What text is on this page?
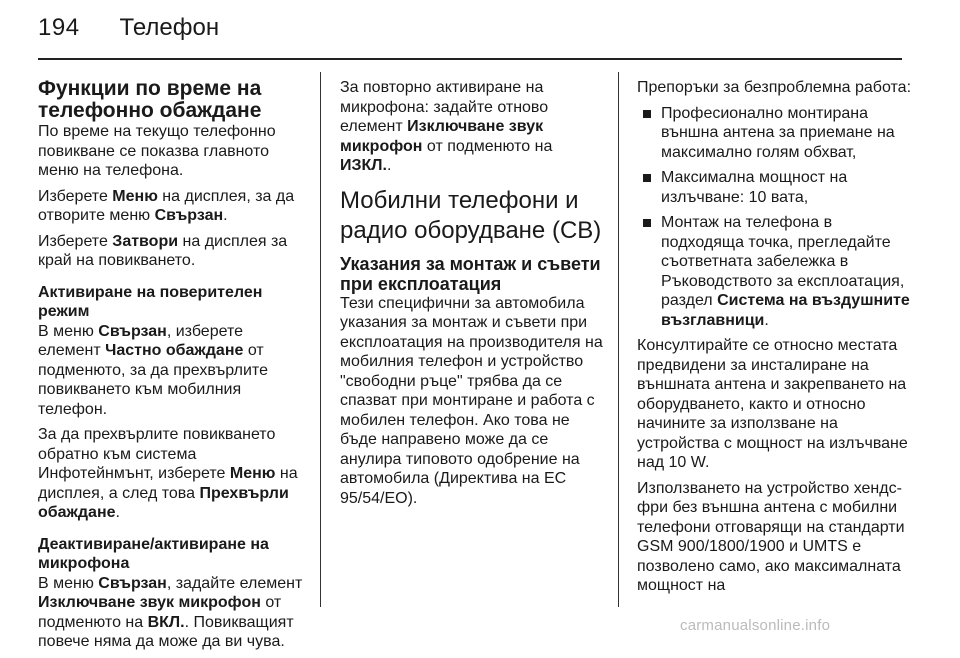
194 Телефон
Функции по време на телефонно обаждане

По време на текущо телефонно повикване се показва главното меню на телефона.

Изберете Меню на дисплея, за да отворите меню Свързан.

Изберете Затвори на дисплея за край на повикването.

Активиране на поверителен режим

В меню Свързан, изберете елемент Частно обаждане от подменюто, за да прехвърлите повикването към мобилния телефон.

За да прехвърлите повикването обратно към система Инфотейнмънт, изберете Меню на дисплея, а след това Прехвърли обаждане.

Деактивиране/активиране на микрофона

В меню Свързан, задайте елемент Изключване звук микрофон от подменюто на ВКЛ.. Повикващият повече няма да може да ви чува.

За повторно активиране на микрофона: задайте отново елемент Изключване звук микрофон от подменюто на ИЗКЛ..

Мобилни телефони и радио оборудване (CB)
Указания за монтаж и съвети при експлоатация

Тези специфични за автомобила указания за монтаж и съвети при експлоатация на производителя на мобилния телефон и устройство "свободни ръце" трябва да се спазват при монтиране и работа с мобилен телефон. Ако това не бъде направено може да се анулира типовото одобрение на автомобила (Директива на ЕС 95/54/ЕО).

Препоръки за безпроблемна работа:

Професионално монтирана външна антена за приемане на максимално голям обхват,
Максимална мощност на излъчване: 10 вата,
Монтаж на телефона в подходяща точка, прегледайте съответната забележка в Ръководството за експлоатация, раздел Система на въздушните възглавници.

Консултирайте се относно местата предвидени за инсталиране на външната антена и закрепването на оборудването, както и относно начините за използване на устройства с мощност на излъчване над 10 W.

Използването на устройство хендс-фри без външна антена с мобилни телефони отговарящи на стандарти GSM 900/1800/1900 и UMTS е позволено само, ако максималната мощност на

carmanualsonline.info
